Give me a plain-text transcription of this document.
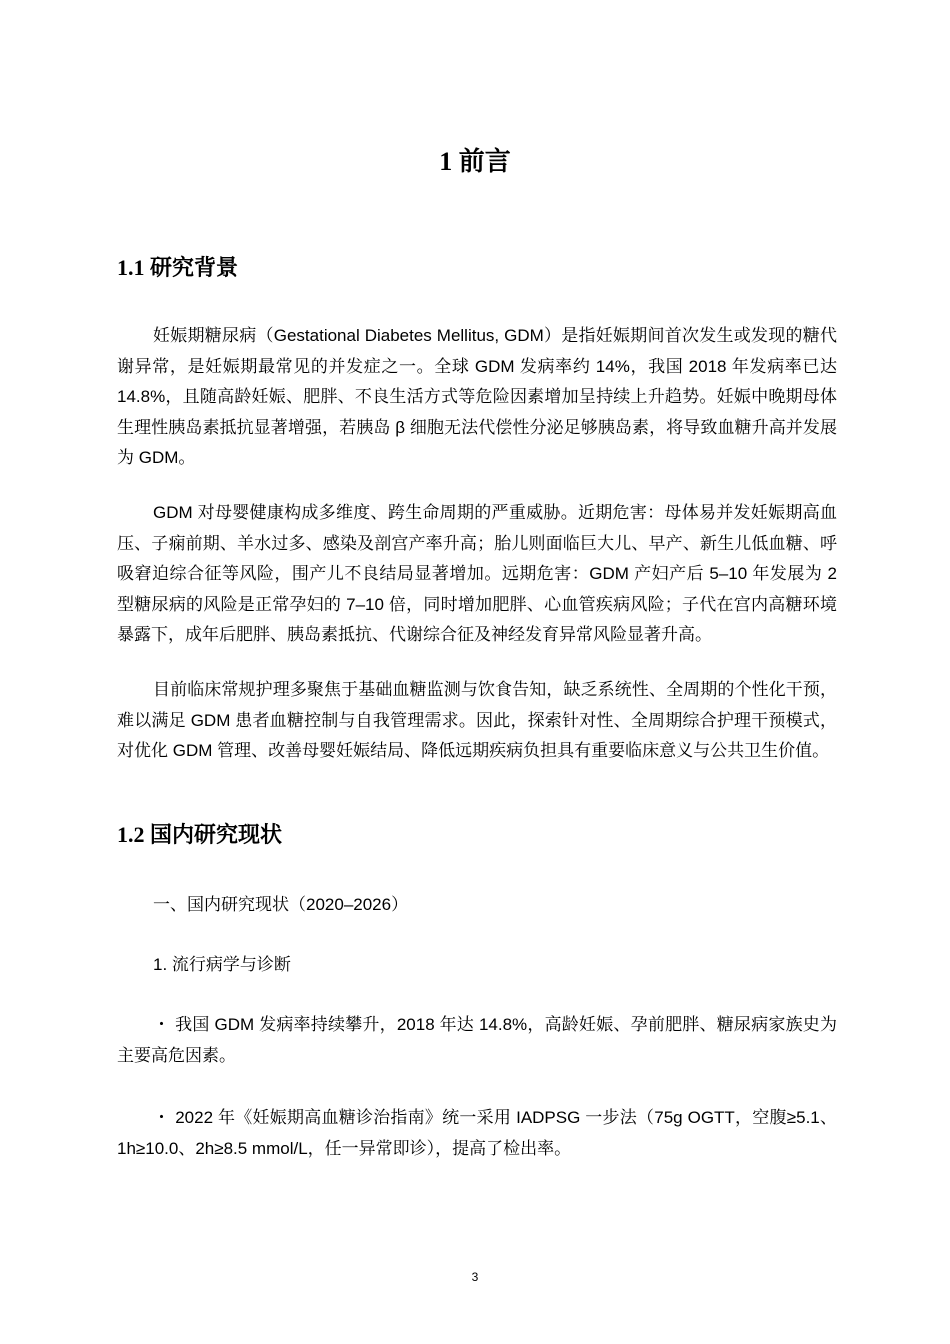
1 前言
1.1 研究背景
妊娠期糖尿病（Gestational Diabetes Mellitus, GDM）是指妊娠期间首次发生或发现的糖代谢异常，是妊娠期最常见的并发症之一。全球 GDM 发病率约 14%，我国 2018 年发病率已达 14.8%，且随高龄妊娠、肥胖、不良生活方式等危险因素增加呈持续上升趋势。妊娠中晚期母体生理性胰岛素抵抗显著增强，若胰岛 β 细胞无法代偿性分泌足够胰岛素，将导致血糖升高并发展为 GDM。
GDM 对母婴健康构成多维度、跨生命周期的严重威胁。近期危害：母体易并发妊娠期高血压、子痫前期、羊水过多、感染及剖宫产率升高；胎儿则面临巨大儿、早产、新生儿低血糖、呼吸窘迫综合征等风险，围产儿不良结局显著增加。远期危害：GDM 产妇产后 5–10 年发展为 2 型糖尿病的风险是正常孕妇的 7–10 倍，同时增加肥胖、心血管疾病风险；子代在宫内高糖环境暴露下，成年后肥胖、胰岛素抵抗、代谢综合征及神经发育异常风险显著升高。
目前临床常规护理多聚焦于基础血糖监测与饮食告知，缺乏系统性、全周期的个性化干预，难以满足 GDM 患者血糖控制与自我管理需求。因此，探索针对性、全周期综合护理干预模式，对优化 GDM 管理、改善母婴妊娠结局、降低远期疾病负担具有重要临床意义与公共卫生价值。
1.2 国内研究现状
一、国内研究现状（2020–2026）
1. 流行病学与诊断
・ 我国 GDM 发病率持续攀升，2018 年达 14.8%，高龄妊娠、孕前肥胖、糖尿病家族史为主要高危因素。
・ 2022 年《妊娠期高血糖诊治指南》统一采用 IADPSG 一步法（75g OGTT，空腹≥5.1、1h≥10.0、2h≥8.5 mmol/L，任一异常即诊），提高了检出率。
3
